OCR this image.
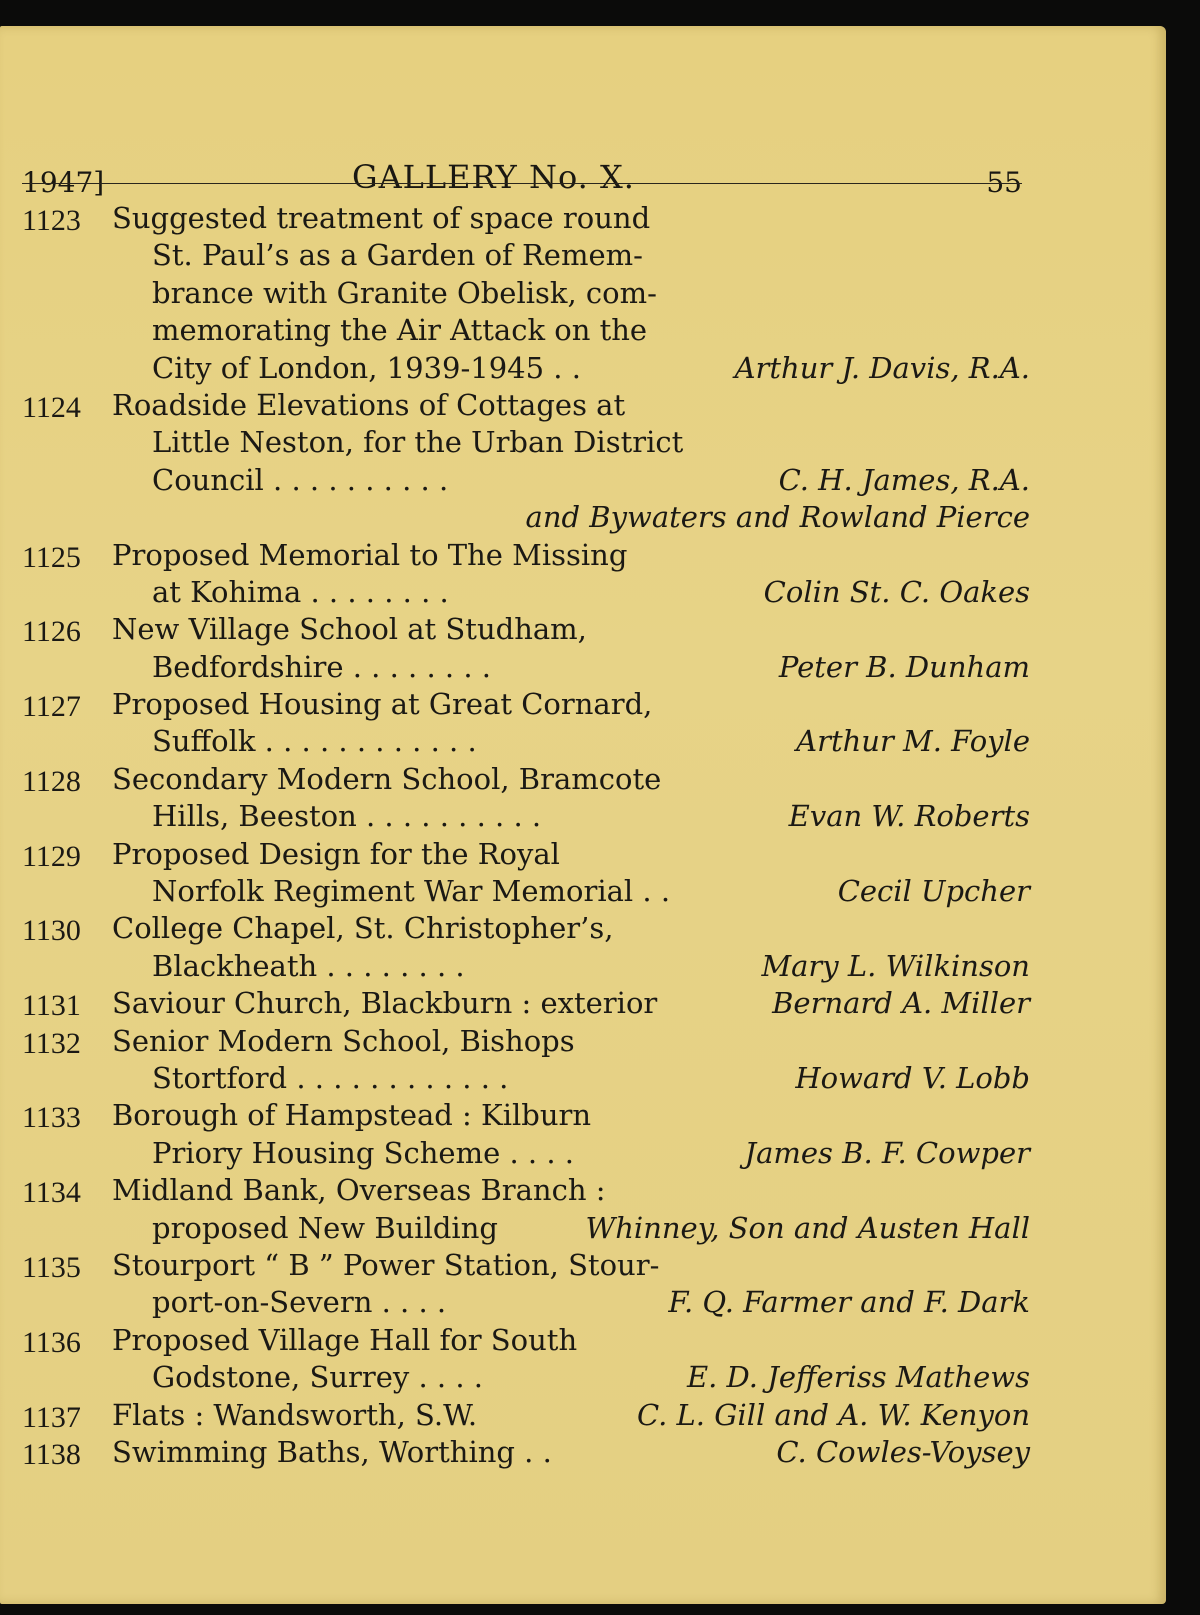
1947]	GALLERY No. X.	55
1123	Suggested treatment of space round
St. Paul’s as a Garden of Remem-
brance with Granite Obelisk, com-
memorating the Air Attack on the
City of London, 1939-1945 . .	Arthur J. Davis, R.A.
1124	Roadside Elevations of Cottages at
Little Neston, for the Urban District
Council . . . . . . . . . .	C. H. James, R.A.
and Bywaters and Rowland Pierce
1125	Proposed Memorial to The Missing
at Kohima . . . . . . . .	Colin St. C. Oakes
1126	New Village School at Studham,
Bedfordshire . . . . . . . .	Peter B. Dunham
1127	Proposed Housing at Great Cornard,
Suffolk . . . . . . . . . . . .	Arthur M. Foyle
1128	Secondary Modern School, Bramcote
Hills, Beeston . . . . . . . . . .	Evan W. Roberts
1129	Proposed Design for the Royal
Norfolk Regiment War Memorial . .	Cecil Upcher
1130	College Chapel, St. Christopher’s,
Blackheath . . . . . . . .	Mary L. Wilkinson
1131	Saviour Church, Blackburn : exterior	Bernard A. Miller
1132	Senior Modern School, Bishops
Stortford . . . . . . . . . . . .	Howard V. Lobb
1133	Borough of Hampstead : Kilburn
Priory Housing Scheme . . . .	James B. F. Cowper
1134	Midland Bank, Overseas Branch :
proposed New Building	Whinney, Son and Austen Hall
1135	Stourport “ B ” Power Station, Stour-
port-on-Severn . . . .	F. Q. Farmer and F. Dark
1136	Proposed Village Hall for South
Godstone, Surrey . . . .	E. D. Jefferiss Mathews
1137	Flats : Wandsworth, S.W.	C. L. Gill and A. W. Kenyon
1138	Swimming Baths, Worthing . .	C. Cowles-Voysey
